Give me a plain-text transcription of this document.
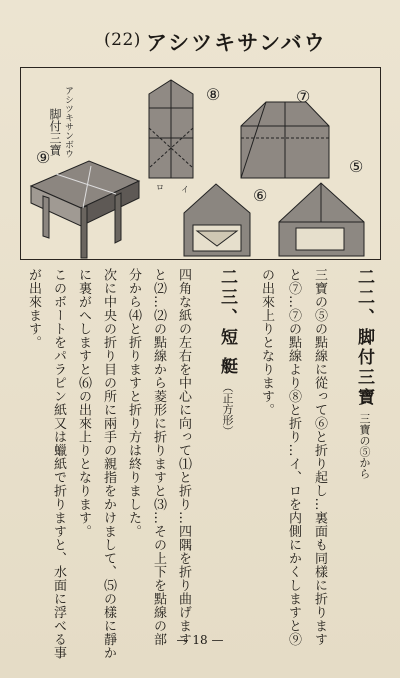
(22) アシツキサンバウ
アシツキサンボウ
脚付三寶
⑨
⑧
ロ イ
⑦
⑥
⑤
二二、脚付三寶 三寶の⑤から
三寶の⑤の點線に從って⑥と折り起し…裏面も同樣に折ります
と⑦…⑦の點線より⑧と折り…イ、ロを内側にかくしますと⑨
の出來上りとなります。
二三、短 艇 （正方形）
四角な紙の左右を中心に向って⑴と折り…四隅を折り曲げます
と⑵…⑵の點線から菱形に折りますと⑶…その上下を點線の部
分から⑷と折りますと折り方は終りました。
次に中央の折り目の所に兩手の親指をかけまして、⑸の樣に靜か
に裏がへしますと⑹の出來上りとなります。
このボートをパラピン紙又は蠟紙で折りますと、水面に浮べる事
が出來ます。
— 18 —
